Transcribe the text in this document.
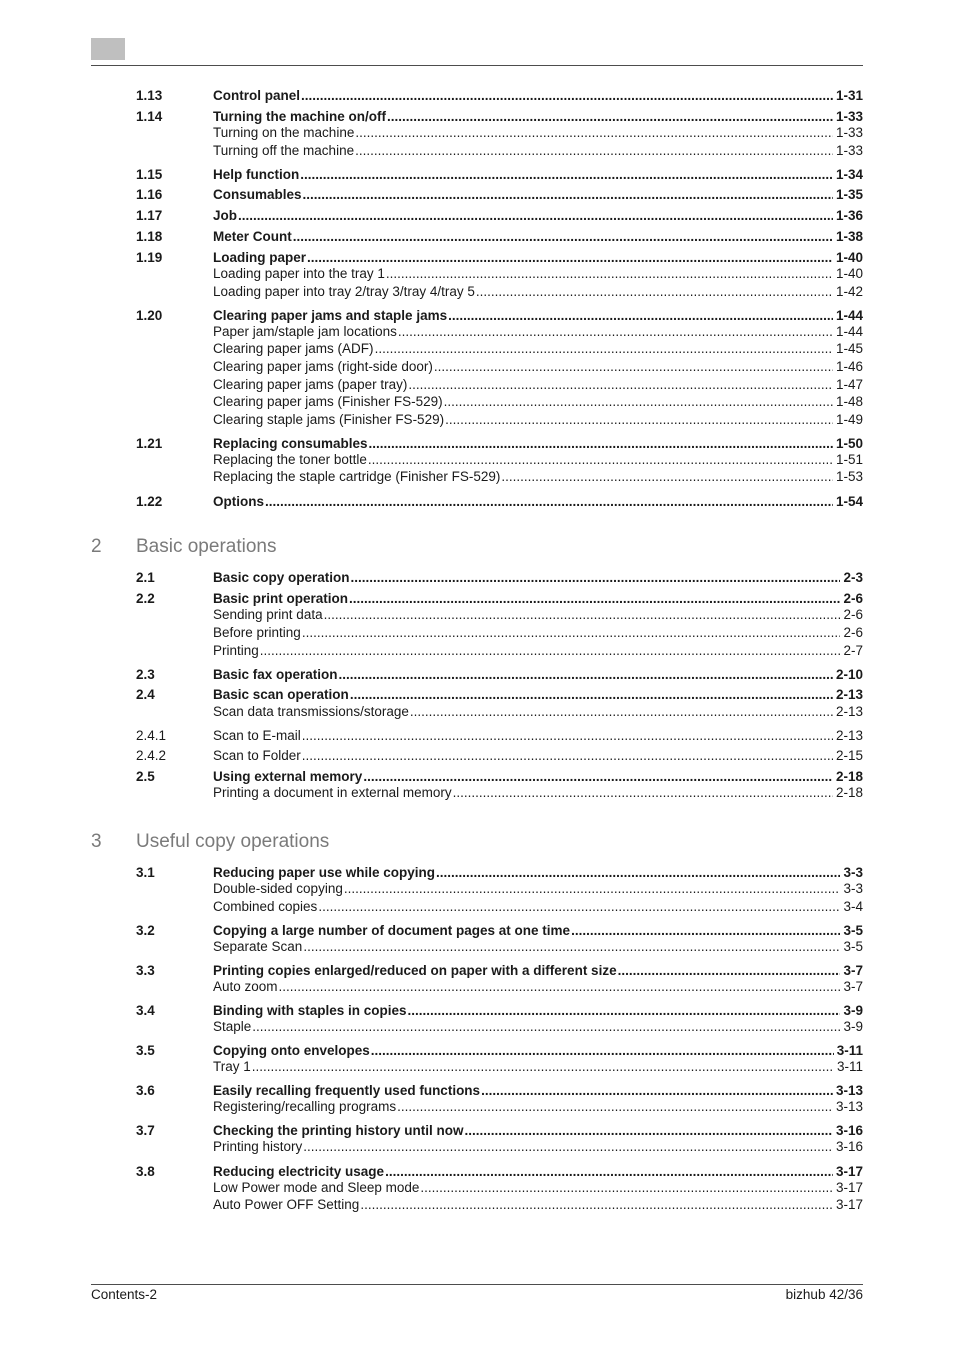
2	Basic operations
3	Useful copy operations
1.13	Control panel .....	1-31
1.14	Turning the machine on/off .....	1-33
Turning on the machine .....	1-33
Turning off the machine .....	1-33
1.15	Help function .....	1-34
1.16	Consumables .....	1-35
1.17	Job .....	1-36
1.18	Meter Count .....	1-38
1.19	Loading paper .....	1-40
Loading paper into the tray 1 .....	1-40
Loading paper into tray 2/tray 3/tray 4/tray 5 .....	1-42
1.20	Clearing paper jams and staple jams .....	1-44
Paper jam/staple jam locations .....	1-44
Clearing paper jams (ADF) .....	1-45
Clearing paper jams (right-side door) .....	1-46
Clearing paper jams (paper tray) .....	1-47
Clearing paper jams (Finisher FS-529) .....	1-48
Clearing staple jams (Finisher FS-529) .....	1-49
1.21	Replacing consumables .....	1-50
Replacing the toner bottle .....	1-51
Replacing the staple cartridge (Finisher FS-529) .....	1-53
1.22	Options .....	1-54
2.1	Basic copy operation .....	2-3
2.2	Basic print operation .....	2-6
Sending print data .....	2-6
Before printing .....	2-6
Printing .....	2-7
2.3	Basic fax operation .....	2-10
2.4	Basic scan operation .....	2-13
Scan data transmissions/storage .....	2-13
2.4.1	Scan to E-mail .....	2-13
2.4.2	Scan to Folder .....	2-15
2.5	Using external memory .....	2-18
Printing a document in external memory .....	2-18
3.1	Reducing paper use while copying .....	3-3
Double-sided copying .....	3-3
Combined copies .....	3-4
3.2	Copying a large number of document pages at one time .....	3-5
Separate Scan .....	3-5
3.3	Printing copies enlarged/reduced on paper with a different size .....	3-7
Auto zoom .....	3-7
3.4	Binding with staples in copies .....	3-9
Staple .....	3-9
3.5	Copying onto envelopes .....	3-11
Tray 1 .....	3-11
3.6	Easily recalling frequently used functions .....	3-13
Registering/recalling programs .....	3-13
3.7	Checking the printing history until now .....	3-16
Printing history .....	3-16
3.8	Reducing electricity usage .....	3-17
Low Power mode and Sleep mode .....	3-17
Auto Power OFF Setting .....	3-17
Contents-2	bizhub 42/36
